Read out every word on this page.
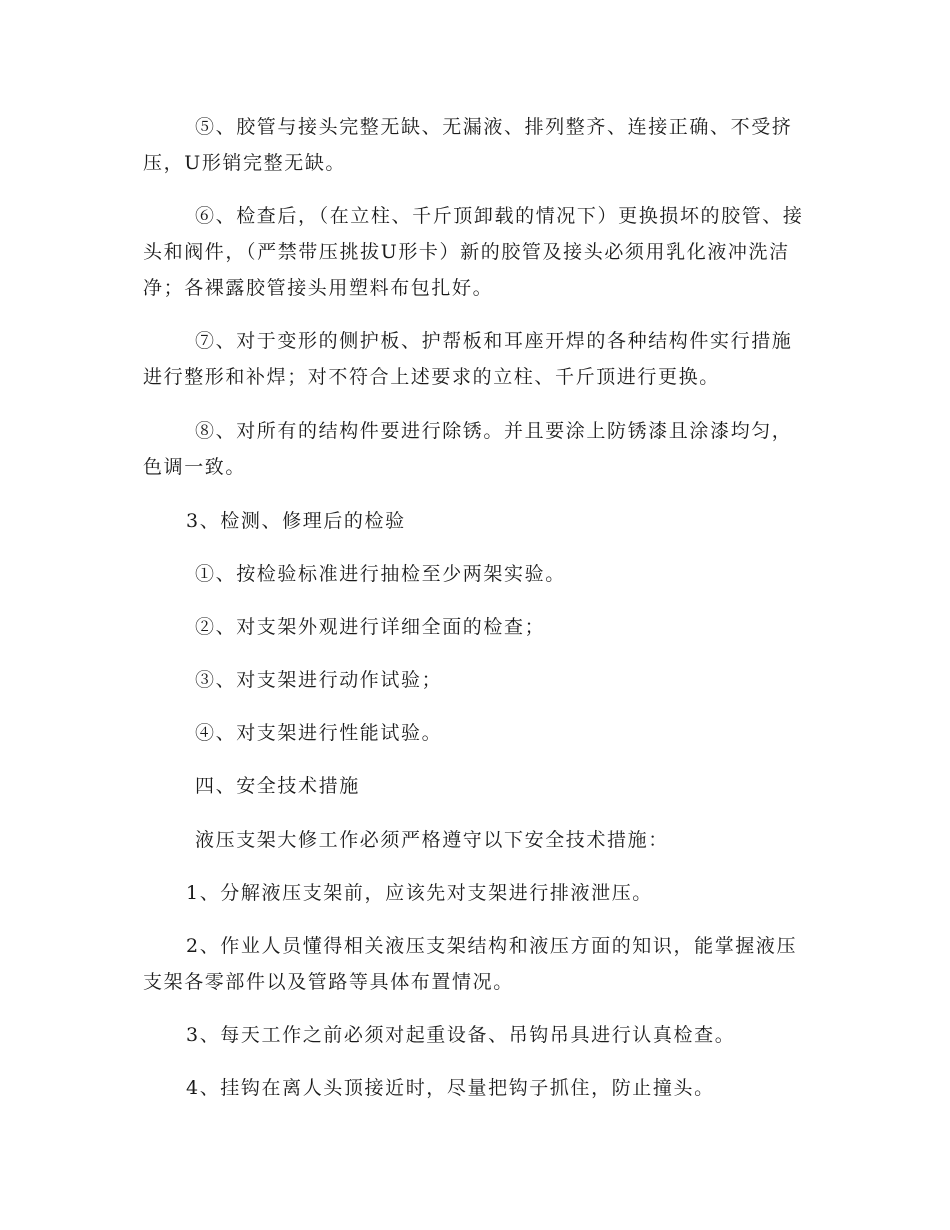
⑤、胶管与接头完整无缺、无漏液、排列整齐、连接正确、不受挤压，U形销完整无缺。

⑥、检查后，（在立柱、千斤顶卸载的情况下）更换损坏的胶管、接头和阀件，（严禁带压挑拔U形卡）新的胶管及接头必须用乳化液冲洗洁净；各裸露胶管接头用塑料布包扎好。

⑦、对于变形的侧护板、护帮板和耳座开焊的各种结构件实行措施进行整形和补焊；对不符合上述要求的立柱、千斤顶进行更换。

⑧、对所有的结构件要进行除锈。并且要涂上防锈漆且涂漆均匀，色调一致。

3、检测、修理后的检验

①、按检验标准进行抽检至少两架实验。

②、对支架外观进行详细全面的检查；

③、对支架进行动作试验；

④、对支架进行性能试验。

四、安全技术措施

液压支架大修工作必须严格遵守以下安全技术措施：

1、分解液压支架前，应该先对支架进行排液泄压。

2、作业人员懂得相关液压支架结构和液压方面的知识，能掌握液压支架各零部件以及管路等具体布置情况。

3、每天工作之前必须对起重设备、吊钩吊具进行认真检查。

4、挂钩在离人头顶接近时，尽量把钩子抓住，防止撞头。
